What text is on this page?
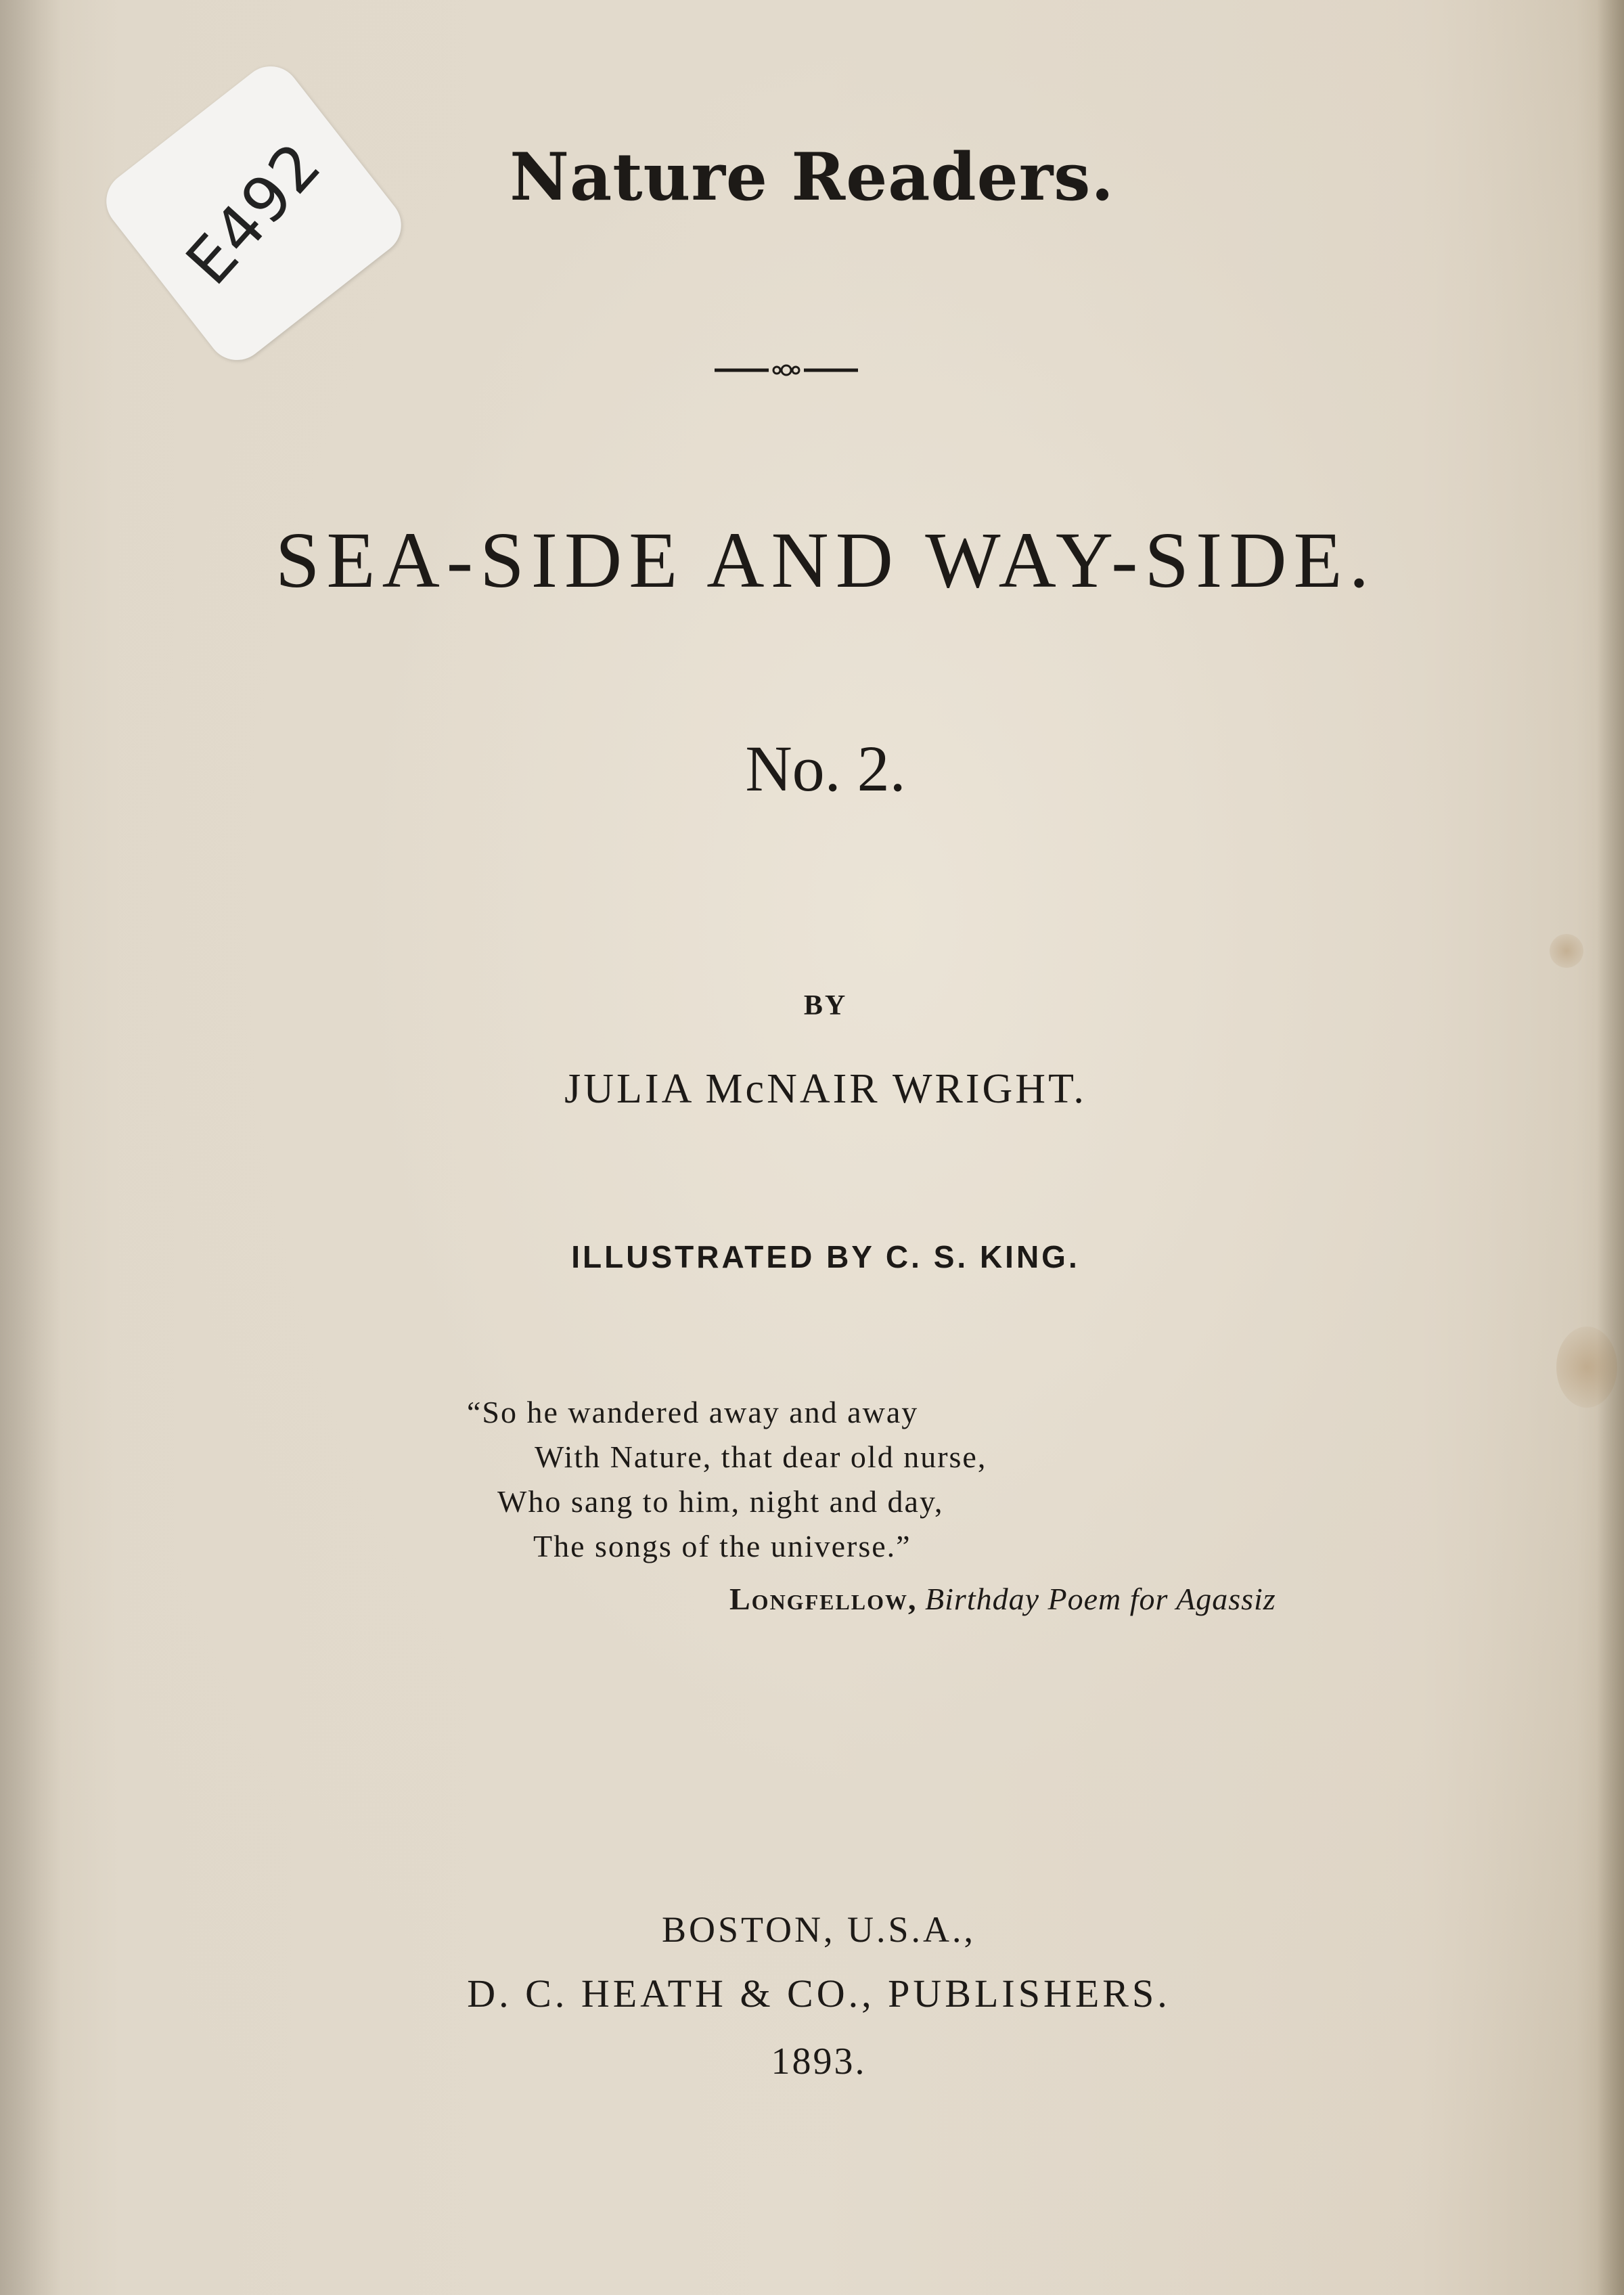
E492	Nature Readers.
SEA-SIDE AND WAY-SIDE.
No. 2.
BY
JULIA McNAIR WRIGHT.
ILLUSTRATED BY C. S. KING.
“So he wandered away and away
With Nature, that dear old nurse,
Who sang to him, night and day,
The songs of the universe.”
Longfellow, Birthday Poem for Agassiz
BOSTON, U.S.A.,
D. C. HEATH & CO., PUBLISHERS.
1893.
